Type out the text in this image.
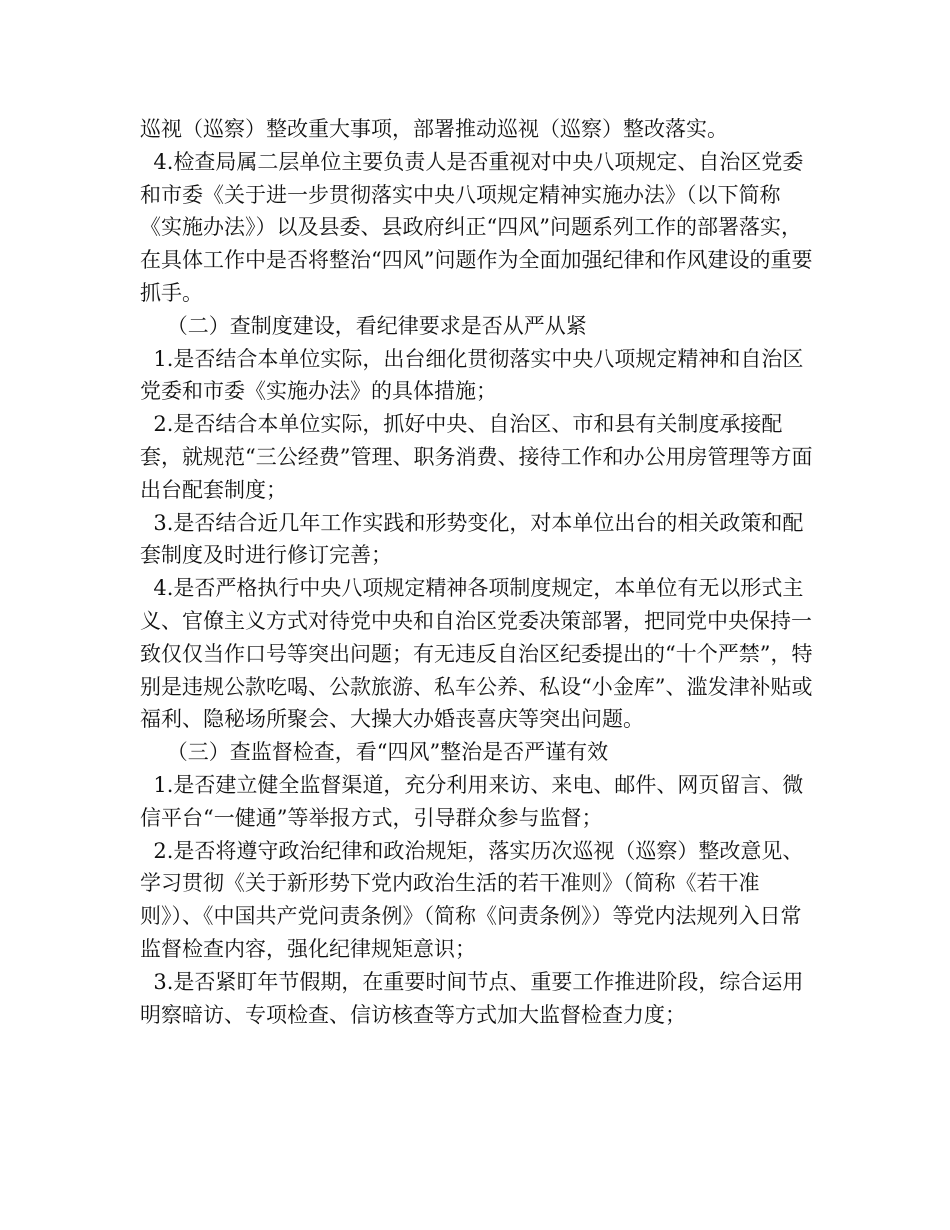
巡视（巡察）整改重大事项，部署推动巡视（巡察）整改落实。

4.检查局属二层单位主要负责人是否重视对中央八项规定、自治区党委和市委《关于进一步贯彻落实中央八项规定精神实施办法》（以下简称《实施办法》）以及县委、县政府纠正“四风”问题系列工作的部署落实，在具体工作中是否将整治“四风”问题作为全面加强纪律和作风建设的重要抓手。

（二）查制度建设，看纪律要求是否从严从紧

1.是否结合本单位实际，出台细化贯彻落实中央八项规定精神和自治区党委和市委《实施办法》的具体措施；

2.是否结合本单位实际，抓好中央、自治区、市和县有关制度承接配套，就规范“三公经费”管理、职务消费、接待工作和办公用房管理等方面出台配套制度；

3.是否结合近几年工作实践和形势变化，对本单位出台的相关政策和配套制度及时进行修订完善；

4.是否严格执行中央八项规定精神各项制度规定，本单位有无以形式主义、官僚主义方式对待党中央和自治区党委决策部署，把同党中央保持一致仅仅当作口号等突出问题；有无违反自治区纪委提出的“十个严禁”，特别是违规公款吃喝、公款旅游、私车公养、私设“小金库”、滥发津补贴或福利、隐秘场所聚会、大操大办婚丧喜庆等突出问题。

（三）查监督检查，看“四风”整治是否严谨有效

1.是否建立健全监督渠道，充分利用来访、来电、邮件、网页留言、微信平台“一健通”等举报方式，引导群众参与监督；

2.是否将遵守政治纪律和政治规矩，落实历次巡视（巡察）整改意见、学习贯彻《关于新形势下党内政治生活的若干准则》（简称《若干准则》）、《中国共产党问责条例》（简称《问责条例》）等党内法规列入日常监督检查内容，强化纪律规矩意识；

3.是否紧盯年节假期，在重要时间节点、重要工作推进阶段，综合运用明察暗访、专项检查、信访核查等方式加大监督检查力度；
